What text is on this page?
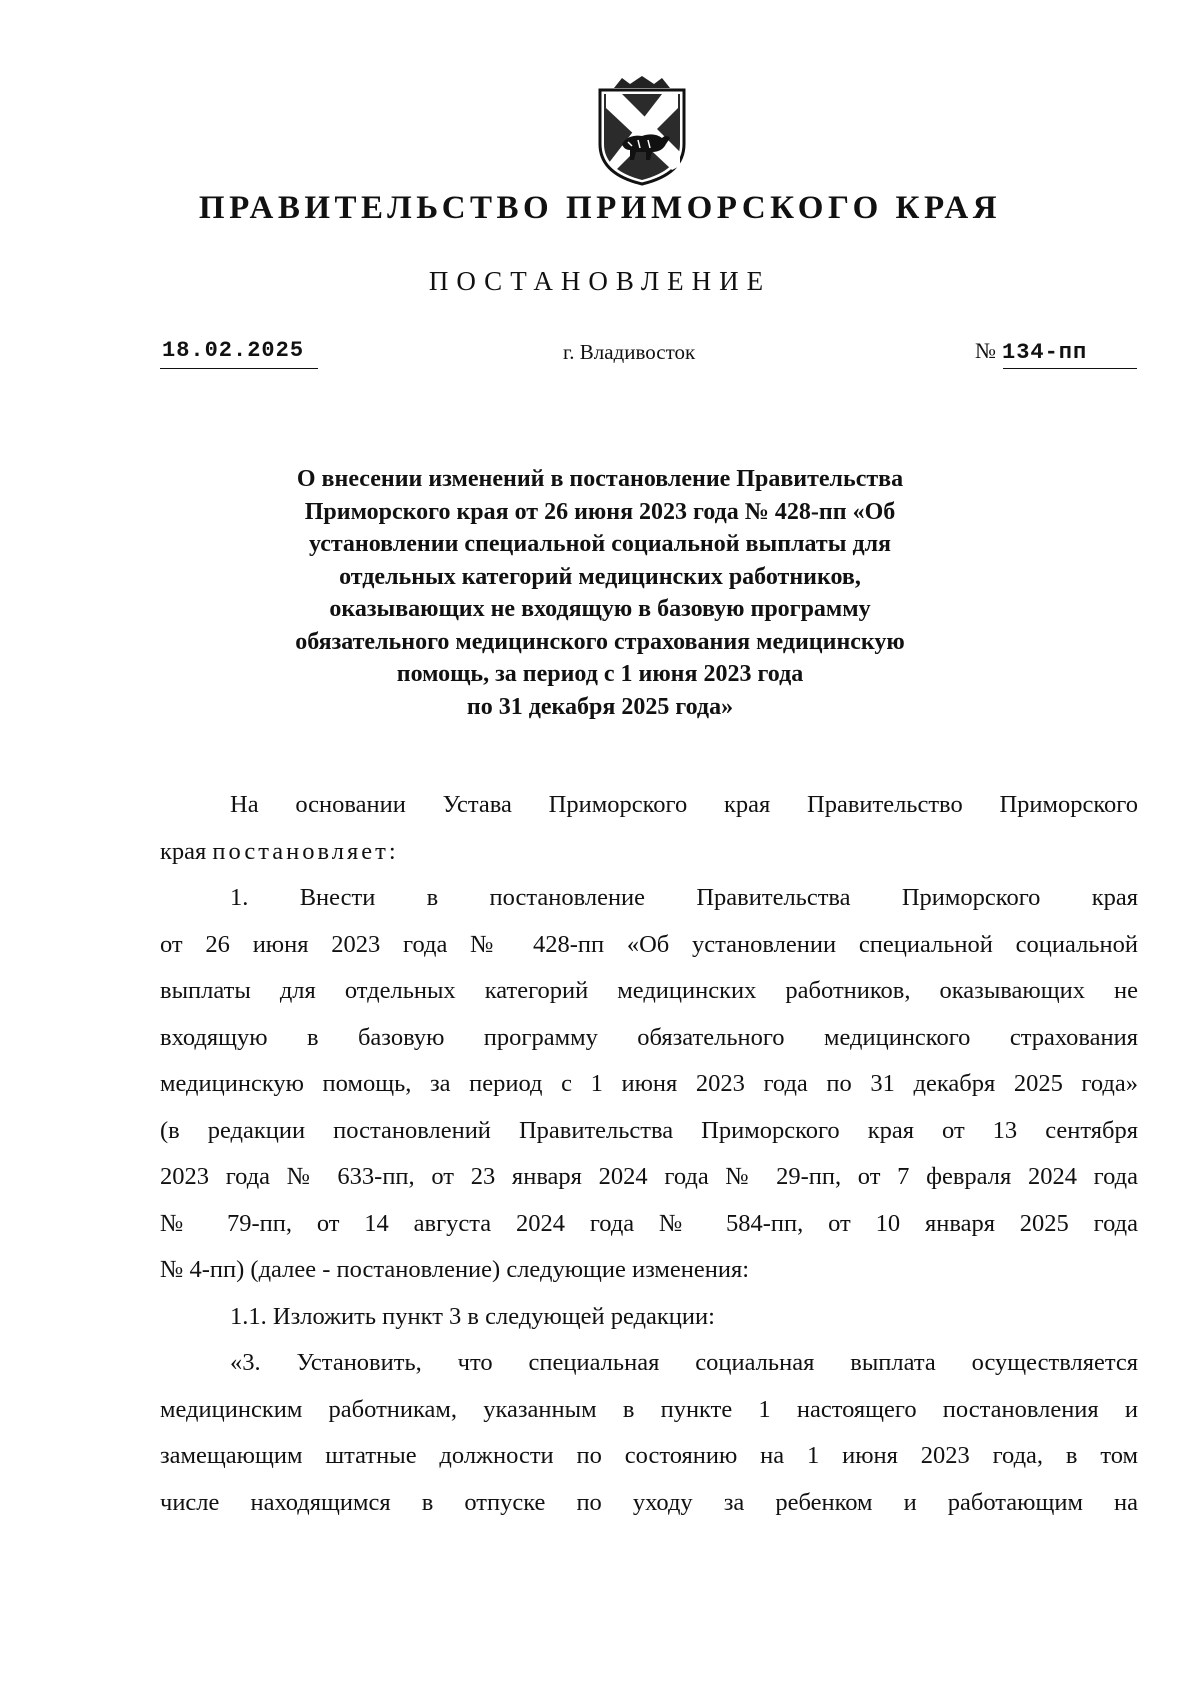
ПРАВИТЕЛЬСТВО ПРИМОРСКОГО КРАЯ
ПОСТАНОВЛЕНИЕ
18.02.2025	г. Владивосток	№ 134-пп
О внесении изменений в постановление Правительства
Приморского края от 26 июня 2023 года № 428-пп «Об
установлении специальной социальной выплаты для
отдельных категорий медицинских работников,
оказывающих не входящую в базовую программу
обязательного медицинского страхования медицинскую
помощь, за период с 1 июня 2023 года
по 31 декабря 2025 года»
На основании Устава Приморского края Правительство Приморского
края постановляет:
1. Внести в постановление Правительства Приморского края
от 26 июня 2023 года № 428-пп «Об установлении специальной социальной
выплаты для отдельных категорий медицинских работников, оказывающих не
входящую в базовую программу обязательного медицинского страхования
медицинскую помощь, за период с 1 июня 2023 года по 31 декабря 2025 года»
(в редакции постановлений Правительства Приморского края от 13 сентября
2023 года № 633-пп, от 23 января 2024 года № 29-пп, от 7 февраля 2024 года
№ 79-пп, от 14 августа 2024 года № 584-пп, от 10 января 2025 года
№ 4-пп) (далее - постановление) следующие изменения:
1.1. Изложить пункт 3 в следующей редакции:
«3. Установить, что специальная социальная выплата осуществляется
медицинским работникам, указанным в пункте 1 настоящего постановления и
замещающим штатные должности по состоянию на 1 июня 2023 года, в том
числе находящимся в отпуске по уходу за ребенком и работающим на
